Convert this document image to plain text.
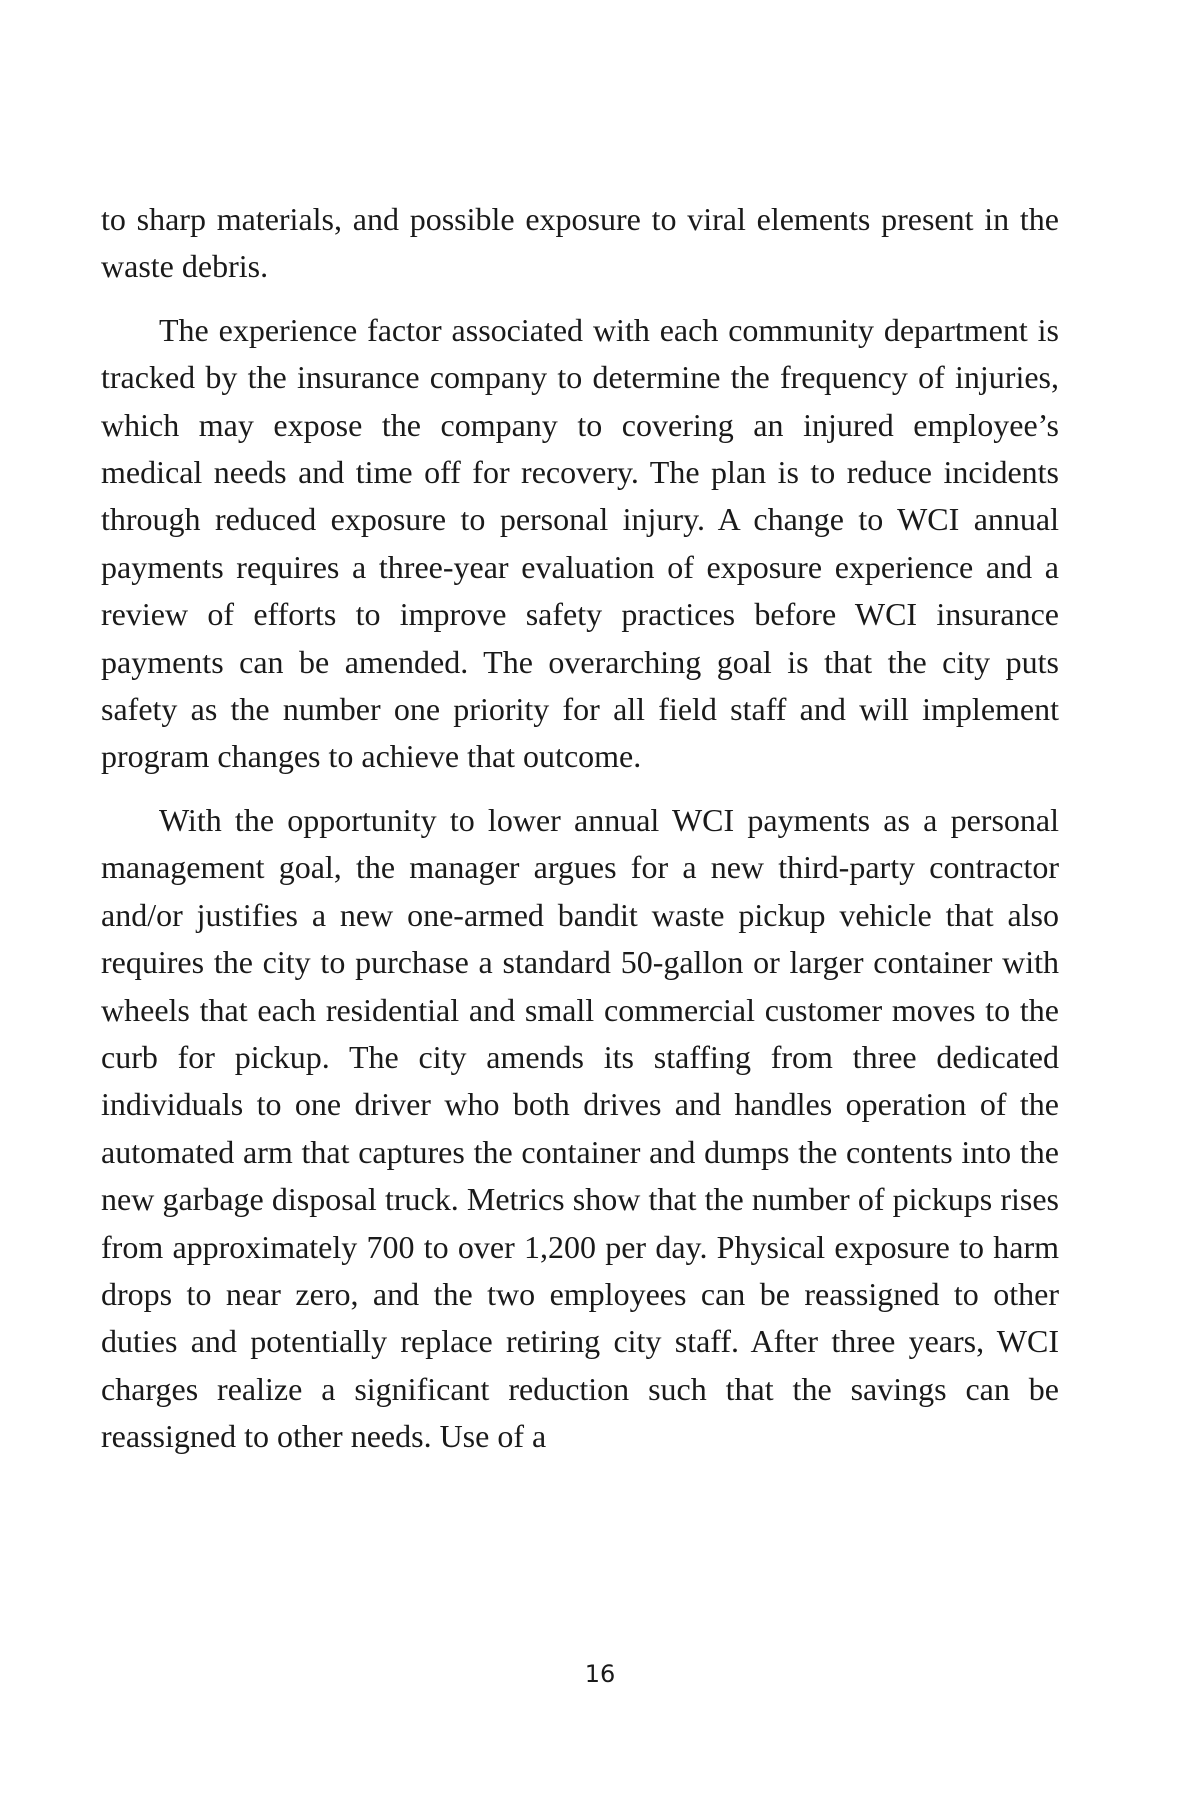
to sharp materials, and possible exposure to viral elements present in the waste debris.

The experience factor associated with each community department is tracked by the insurance company to determine the frequency of injuries, which may expose the company to covering an injured employee’s medical needs and time off for recovery. The plan is to reduce incidents through reduced exposure to personal injury. A change to WCI annual payments requires a three-year evaluation of exposure experience and a review of efforts to improve safety practices before WCI insurance payments can be amended. The overarching goal is that the city puts safety as the number one priority for all field staff and will implement program changes to achieve that outcome.

With the opportunity to lower annual WCI payments as a personal management goal, the manager argues for a new third-party contractor and/or justifies a new one-armed bandit waste pickup vehicle that also requires the city to purchase a standard 50-gallon or larger container with wheels that each residential and small commercial customer moves to the curb for pickup. The city amends its staffing from three dedicated individuals to one driver who both drives and handles operation of the automated arm that captures the container and dumps the contents into the new garbage disposal truck. Metrics show that the number of pickups rises from approximately 700 to over 1,200 per day. Physical exposure to harm drops to near zero, and the two employees can be reassigned to other duties and potentially replace retiring city staff. After three years, WCI charges realize a significant reduction such that the savings can be reassigned to other needs. Use of a

16
